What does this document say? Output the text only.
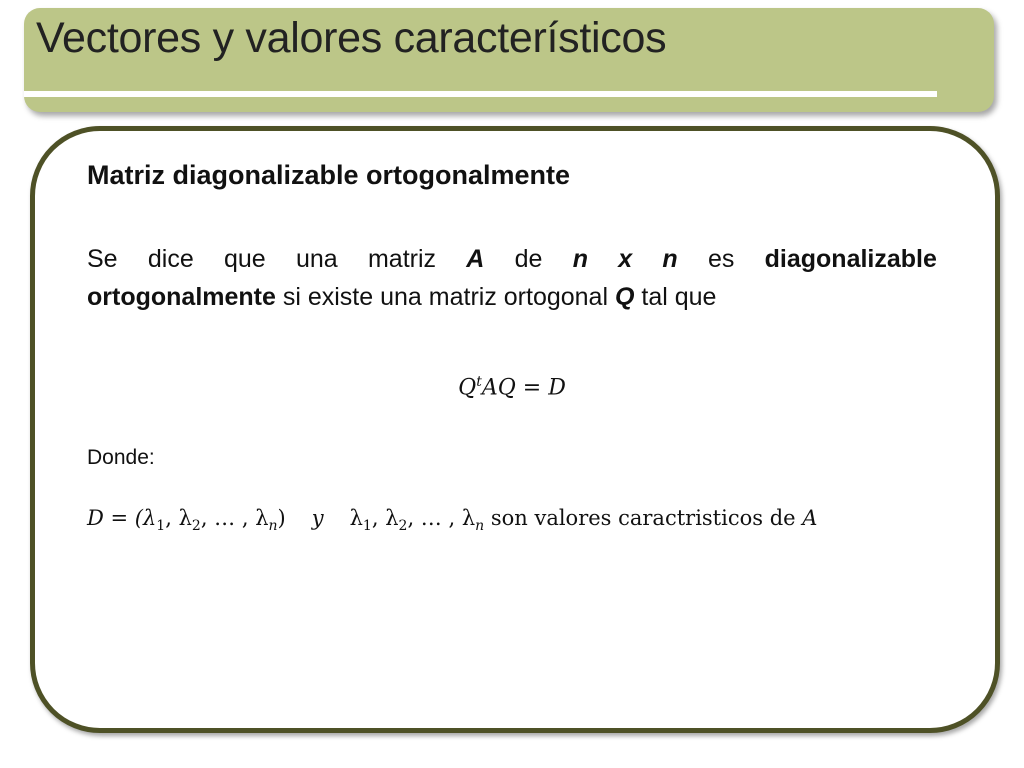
Vectores y valores característicos
Matriz diagonalizable ortogonalmente
Se dice que una matriz A de n x n es diagonalizable
ortogonalmente si existe una matriz ortogonal Q tal que
$Q^tAQ = D$
Donde:
$D = (\lambda_1$, $\lambda_2$, … , $\lambda_n$) y $\lambda_1$, $\lambda_2$, … , $\lambda_n$ son valores caractristicos de A
